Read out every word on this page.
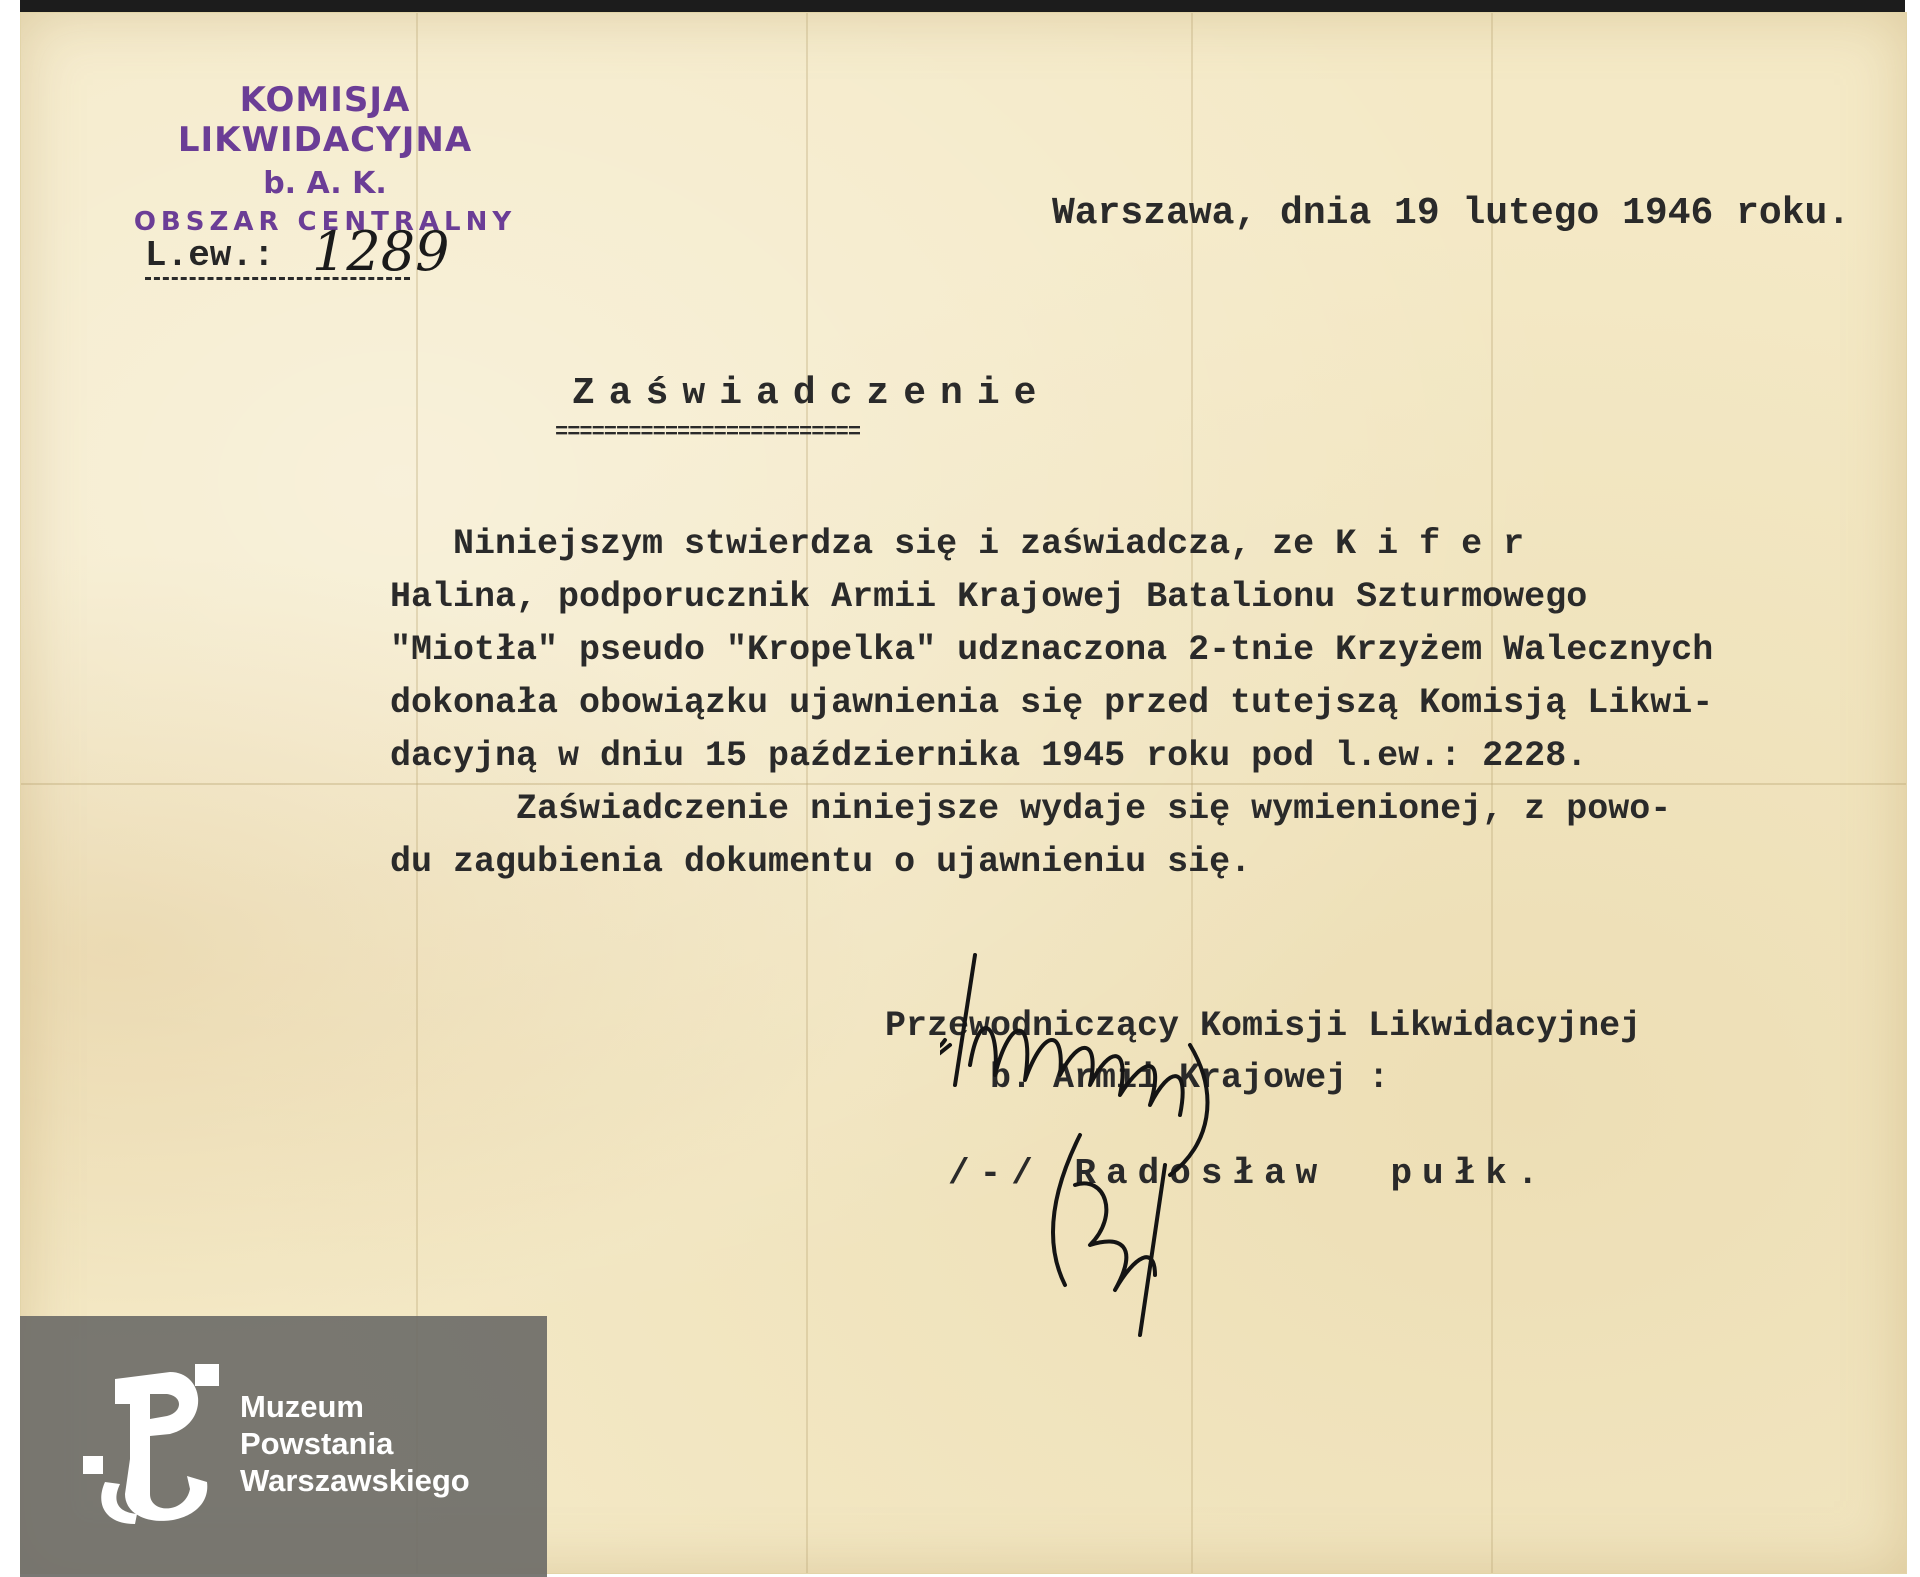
KOMISJA LIKWIDACYJNA
b. A. K.
OBSZAR CENTRALNY
L.ew.: 1289
Warszawa, dnia 19 lutego 1946 roku.
Zaświadczenie
=========================
Niniejszym stwierdza się i zaświadcza, ze K i f e r
Halina, podporucznik Armii Krajowej Batalionu Szturmowego
"Miotła" pseudo "Kropelka" udznaczona 2-tnie Krzyżem Walecznych
dokonała obowiązku ujawnienia się przed tutejszą Komisją Likwi-
dacyjną w dniu 15 października 1945 roku pod l.ew.: 2228.
Zaświadczenie niniejsze wydaje się wymienionej, z powo-
du zagubienia dokumentu o ujawnieniu się.
Przewodniczący Komisji Likwidacyjnej
b. Armii Krajowej :
/-/ Radosław  pułk.
Muzeum
Powstania
Warszawskiego
